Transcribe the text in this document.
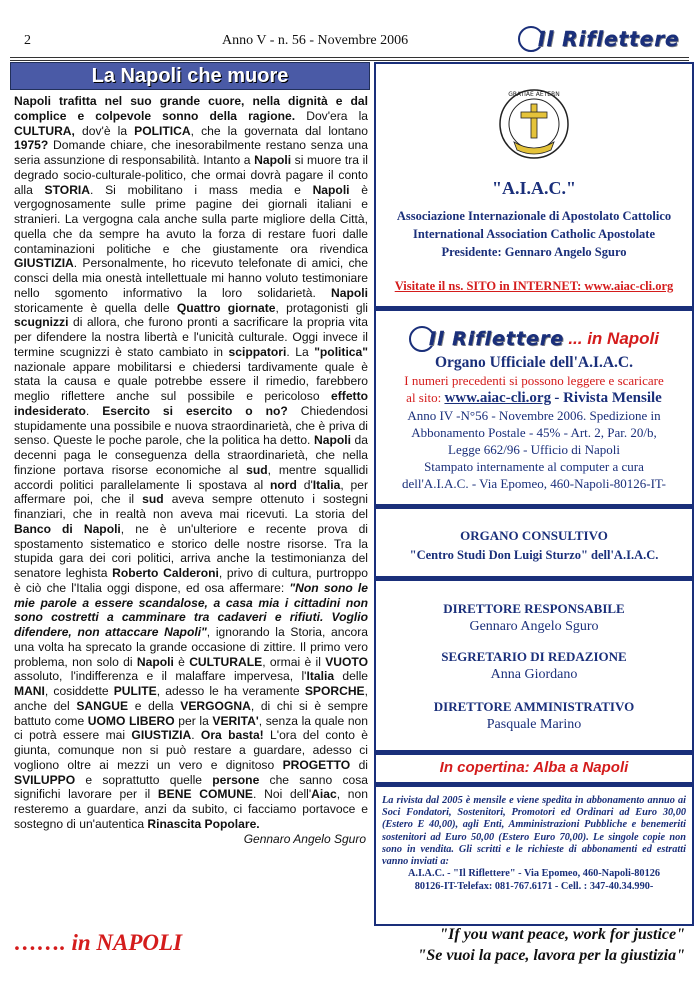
2	Anno V - n. 56 - Novembre 2006	Il Riflettere
La Napoli che muore
Napoli trafitta nel suo grande cuore, nella dignità e dal complice e colpevole sonno della ragione. Dov'era la CULTURA, dov'è la POLITICA, che la governata dal lontano 1975? Domande chiare, che inesorabilmente restano senza una seria assunzione di responsabilità. Intanto a Napoli si muore tra il degrado socio-culturale-politico, che ormai dovrà pagare il conto alla STORIA. Si mobilitano i mass media e Napoli è vergognosamente sulle prime pagine dei giornali italiani e stranieri. La vergogna cala anche sulla parte migliore della Città, quella che da sempre ha avuto la forza di restare fuori dalle contaminazioni politiche e che giustamente ora rivendica GIUSTIZIA. Personalmente, ho ricevuto telefonate di amici, che consci della mia onestà intellettuale mi hanno voluto testimoniare nello sgomento informativo la loro solidarietà. Napoli storicamente è quella delle Quattro giornate, protagonisti gli scugnizzi di allora, che furono pronti a sacrificare la propria vita per difendere la nostra libertà e l'unicità culturale. Oggi invece il termine scugnizzi è stato cambiato in scippatori. La "politica" nazionale appare mobilitarsi e chiedersi tardivamente quale è stata la causa e quale potrebbe essere il rimedio, farebbero meglio riflettere anche sul possibile e pericoloso effetto indesiderato. Esercito si esercito o no? Chiedendosi stupidamente una possibile e nuova straordinarietà, che è priva di senso. Queste le poche parole, che la politica ha detto. Napoli da decenni paga le conseguenza della straordinarietà, che nella finzione portava risorse economiche al sud, mentre squallidi accordi politici parallelamente li spostava al nord d'Italia, per affermare poi, che il sud aveva sempre ottenuto i sostegni finanziari, che in realtà non aveva mai ricevuti. La storia del Banco di Napoli, ne è un'ulteriore e recente prova di spostamento sistematico e storico delle nostre risorse. Tra la stupida gara dei cori politici, arriva anche la testimonianza del senatore leghista Roberto Calderoni, privo di cultura, purtroppo è ciò che l'Italia oggi dispone, ed osa affermare: "Non sono le mie parole a essere scandalose, a casa mia i cittadini non sono costretti a camminare tra cadaveri e rifiuti. Voglio difendere, non attaccare Napoli", ignorando la Storia, ancora una volta ha sprecato la grande occasione di zittire. Il primo vero problema, non solo di Napoli è CULTURALE, ormai è il VUOTO assoluto, l'indifferenza e il malaffare impervesa, l'Italia delle MANI, cosiddette PULITE, adesso le ha veramente SPORCHE, anche del SANGUE e della VERGOGNA, di chi si è sempre battuto come UOMO LIBERO per la VERITA', senza la quale non ci potrà essere mai GIUSTIZIA. Ora basta! L'ora del conto è giunta, comunque non si può restare a guardare, adesso ci vogliono oltre ai mezzi un vero e dignitoso PROGETTO di SVILUPPO e soprattutto quelle persone che sanno cosa significhi lavorare per il BENE COMUNE. Noi dell'Aiac, non resteremo a guardare, anzi da subito, ci facciamo portavoce e sostegno di un'autentica Rinascita Popolare.
Gennaro Angelo Sguro
GRATIAE AETERN
"A.I.A.C."
Associazione Internazionale di Apostolato Cattolico
International Association Catholic Apostolate
Presidente: Gennaro Angelo Sguro
Visitate il ns. SITO in INTERNET: www.aiac-cli.org
Il Riflettere ... in Napoli
Organo Ufficiale dell'A.I.A.C.
I numeri precedenti si possono leggere e scaricare
al sito: www.aiac-cli.org - Rivista Mensile
Anno IV -N°56 - Novembre 2006. Spedizione in
Abbonamento Postale - 45% - Art. 2, Par. 20/b,
Legge 662/96 - Ufficio di Napoli
Stampato internamente al computer a cura
dell'A.I.A.C. - Via Epomeo, 460-Napoli-80126-IT-
ORGANO CONSULTIVO
"Centro Studi Don Luigi Sturzo" dell'A.I.A.C.
DIRETTORE RESPONSABILE
Gennaro Angelo Sguro
SEGRETARIO DI REDAZIONE
Anna Giordano
DIRETTORE AMMINISTRATIVO
Pasquale Marino
In copertina: Alba a Napoli
La rivista dal 2005 è mensile e viene spedita in abbonamento annuo ai Soci Fondatori, Sostenitori, Promotori ed Ordinari ad Euro 30,00 (Estero E 40,00), agli Enti, Amministrazioni Pubbliche e benemeriti sostenitori ad Euro 50,00 (Estero Euro 70,00). Le singole copie non sono in vendita. Gli scritti e le richieste di abbonamenti ed estratti vanno inviati a:
A.I.A.C. - "Il Riflettere" - Via Epomeo, 460-Napoli-80126
80126-IT-Telefax: 081-767.6171 - Cell. : 347-40.34.990-
……. in NAPOLI	"If you want peace, work for justice"
"Se vuoi la pace, lavora per la giustizia"
